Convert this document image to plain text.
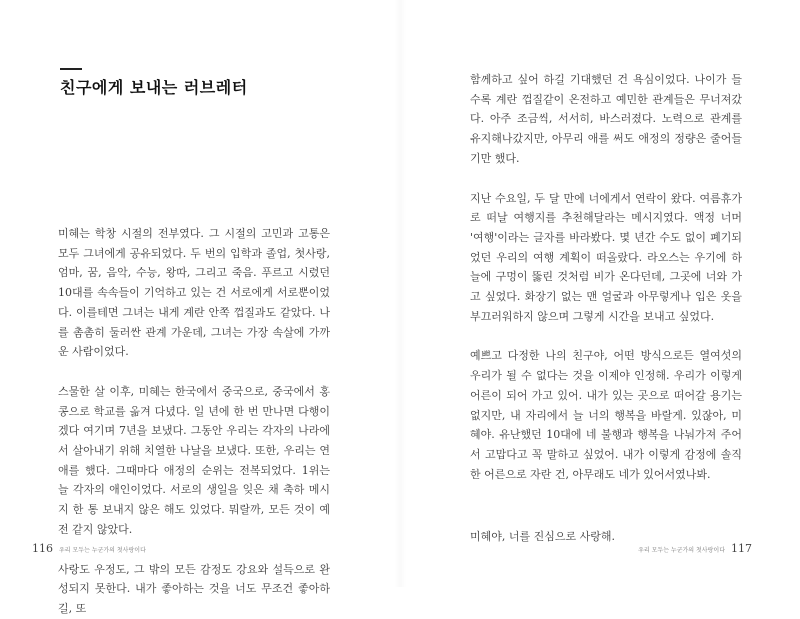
친구에게 보내는 러브레터

미혜는 학창 시절의 전부였다. 그 시절의 고민과 고통은 모두 그녀에게 공유되었다. 두 번의 입학과 졸업, 첫사랑, 엄마, 꿈, 음악, 수능, 왕따, 그리고 죽음. 푸르고 시렸던 10대를 속속들이 기억하고 있는 건 서로에게 서로뿐이었다. 이를테면 그녀는 내게 계란 안쪽 껍질과도 같았다. 나를 촘촘히 둘러싼 관계 가운데, 그녀는 가장 속살에 가까운 사람이었다.

스물한 살 이후, 미혜는 한국에서 중국으로, 중국에서 홍콩으로 학교를 옮겨 다녔다. 일 년에 한 번 만나면 다행이겠다 여기며 7년을 보냈다. 그동안 우리는 각자의 나라에서 살아내기 위해 치열한 나날을 보냈다. 또한, 우리는 연애를 했다. 그때마다 애정의 순위는 전복되었다. 1위는 늘 각자의 애인이었다. 서로의 생일을 잊은 채 축하 메시지 한 통 보내지 않은 해도 있었다. 뭐랄까, 모든 것이 예전 같지 않았다.

사랑도 우정도, 그 밖의 모든 감정도 강요와 설득으로 완성되지 못한다. 내가 좋아하는 것을 너도 무조건 좋아하길, 또

116 우리 모두는 누군가의 첫사랑이다

함께하고 싶어 하길 기대했던 건 욕심이었다. 나이가 들수록 계란 껍질같이 온전하고 예민한 관계들은 무너져갔다. 아주 조금씩, 서서히, 바스러졌다. 노력으로 관계를 유지해나갔지만, 아무리 애를 써도 애정의 정량은 줄어들기만 했다.

지난 수요일, 두 달 만에 너에게서 연락이 왔다. 여름휴가로 떠날 여행지를 추천해달라는 메시지였다. 액정 너머 '여행'이라는 글자를 바라봤다. 몇 년간 수도 없이 폐기되었던 우리의 여행 계획이 떠올랐다. 라오스는 우기에 하늘에 구멍이 뚫린 것처럼 비가 온다던데, 그곳에 너와 가고 싶었다. 화장기 없는 맨 얼굴과 아무렇게나 입은 옷을 부끄러워하지 않으며 그렇게 시간을 보내고 싶었다.

예쁘고 다정한 나의 친구야, 어떤 방식으로든 열여섯의 우리가 될 수 없다는 것을 이제야 인정해. 우리가 이렇게 어른이 되어 가고 있어. 내가 있는 곳으로 떠어갈 용기는 없지만, 내 자리에서 늘 너의 행복을 바랄게. 있잖아, 미혜야. 유난했던 10대에 네 불행과 행복을 나눠가져 주어서 고맙다고 꼭 말하고 싶었어. 내가 이렇게 감정에 솔직한 어른으로 자란 건, 아무래도 네가 있어서였나봐.

미혜야, 너를 진심으로 사랑해.

우리 모두는 누군가의 첫사랑이다 117
